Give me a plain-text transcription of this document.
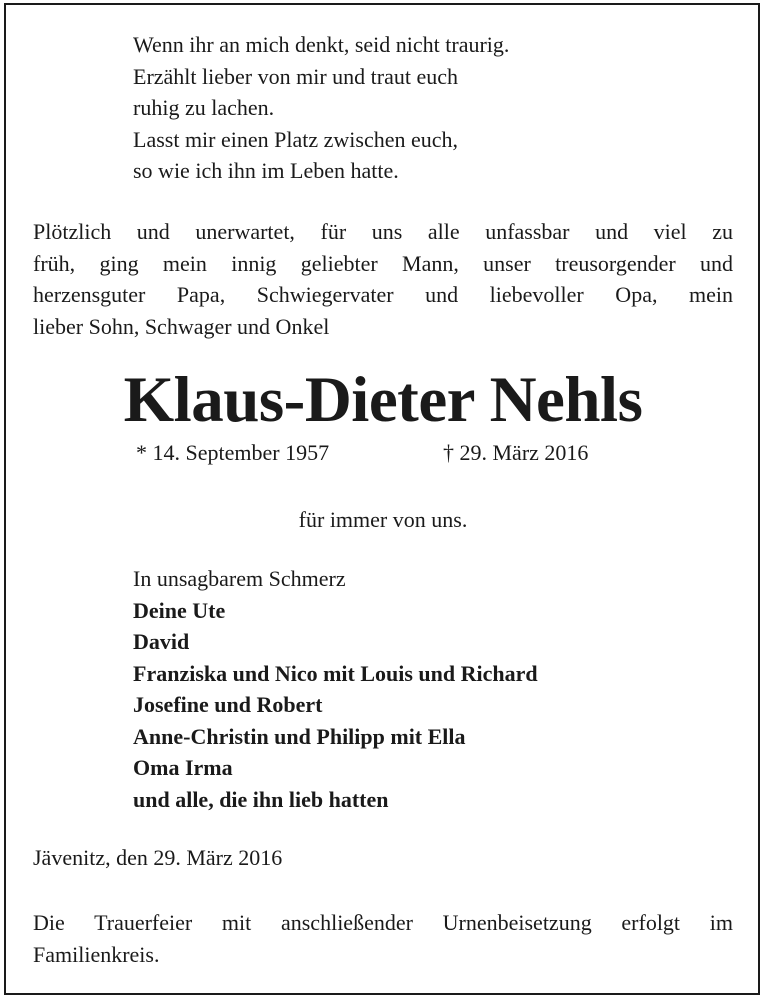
Wenn ihr an mich denkt, seid nicht traurig.
Erzählt lieber von mir und traut euch
ruhig zu lachen.
Lasst mir einen Platz zwischen euch,
so wie ich ihn im Leben hatte.
Plötzlich und unerwartet, für uns alle unfassbar und viel zu
früh, ging mein innig geliebter Mann, unser treusorgender und
herzensguter Papa, Schwiegervater und liebevoller Opa, mein
lieber Sohn, Schwager und Onkel
Klaus-Dieter Nehls
* 14. September 1957	† 29. März 2016
für immer von uns.
In unsagbarem Schmerz
Deine Ute
David
Franziska und Nico mit Louis und Richard
Josefine und Robert
Anne-Christin und Philipp mit Ella
Oma Irma
und alle, die ihn lieb hatten
Jävenitz, den 29. März 2016
Die Trauerfeier mit anschließender Urnenbeisetzung erfolgt im
Familienkreis.
